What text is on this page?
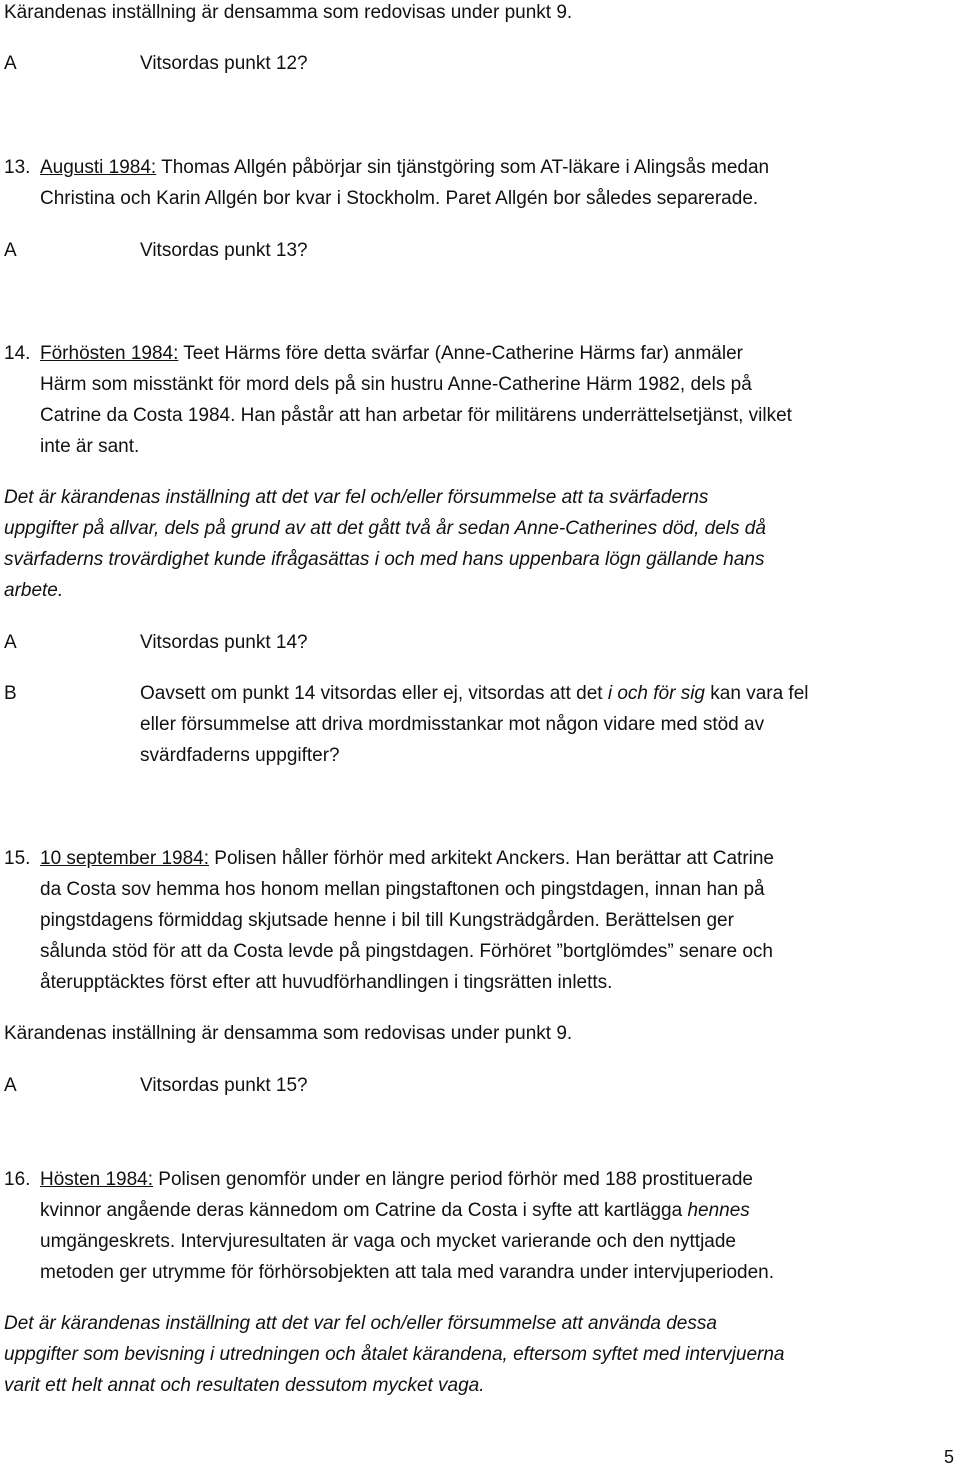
Kärandenas inställning är densamma som redovisas under punkt 9.
A	Vitsordas punkt 12?
13. Augusti 1984: Thomas Allgén påbörjar sin tjänstgöring som AT-läkare i Alingsås medan
Christina och Karin Allgén bor kvar i Stockholm. Paret Allgén bor således separerade.
A	Vitsordas punkt 13?
14. Förhösten 1984: Teet Härms före detta svärfar (Anne-Catherine Härms far) anmäler
Härm som misstänkt för mord dels på sin hustru Anne-Catherine Härm 1982, dels på
Catrine da Costa 1984. Han påstår att han arbetar för militärens underrättelsetjänst, vilket
inte är sant.
Det är kärandenas inställning att det var fel och/eller försummelse att ta svärfaderns
uppgifter på allvar, dels på grund av att det gått två år sedan Anne-Catherines död, dels då
svärfaderns trovärdighet kunde ifrågasättas i och med hans uppenbara lögn gällande hans
arbete.
A	Vitsordas punkt 14?
B	Oavsett om punkt 14 vitsordas eller ej, vitsordas att det i och för sig kan vara fel
eller försummelse att driva mordmisstankar mot någon vidare med stöd av
svärdfaderns uppgifter?
15. 10 september 1984: Polisen håller förhör med arkitekt Anckers. Han berättar att Catrine
da Costa sov hemma hos honom mellan pingstaftonen och pingstdagen, innan han på
pingstdagens förmiddag skjutsade henne i bil till Kungsträdgården. Berättelsen ger
sålunda stöd för att da Costa levde på pingstdagen. Förhöret ”bortglömdes” senare och
återupptäcktes först efter att huvudförhandlingen i tingsrätten inletts.
Kärandenas inställning är densamma som redovisas under punkt 9.
A	Vitsordas punkt 15?
16. Hösten 1984: Polisen genomför under en längre period förhör med 188 prostituerade
kvinnor angående deras kännedom om Catrine da Costa i syfte att kartlägga hennes
umgängeskrets. Intervjuresultaten är vaga och mycket varierande och den nyttjade
metoden ger utrymme för förhörsobjekten att tala med varandra under intervjuperioden.
Det är kärandenas inställning att det var fel och/eller försummelse att använda dessa
uppgifter som bevisning i utredningen och åtalet kärandena, eftersom syftet med intervjuerna
varit ett helt annat och resultaten dessutom mycket vaga.
5
